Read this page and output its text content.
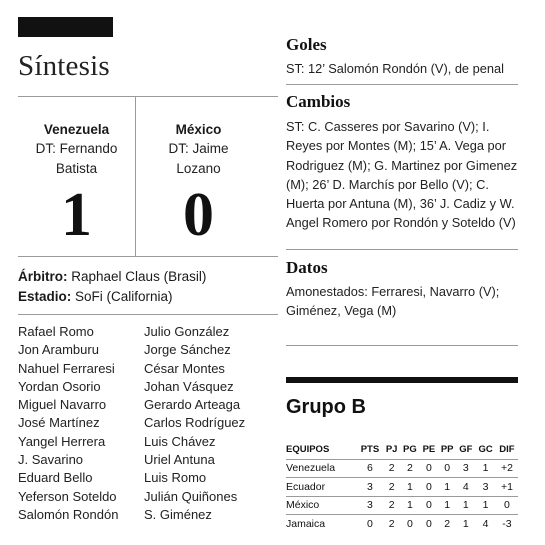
Síntesis
Venezuela
DT: Fernando
Batista
1
México
DT: Jaime
Lozano
0
Árbitro: Raphael Claus (Brasil)
Estadio: SoFi (California)
Rafael Romo
Jon Aramburu
Nahuel Ferraresi
Yordan Osorio
Miguel Navarro
José Martínez
Yangel Herrera
J. Savarino
Eduard Bello
Yeferson Soteldo
Salomón Rondón
Julio González
Jorge Sánchez
César Montes
Johan Vásquez
Gerardo Arteaga
Carlos Rodríguez
Luis Chávez
Uriel Antuna
Luis Romo
Julián Quiñones
S. Giménez
Goles
ST: 12’ Salomón Rondón (V), de penal
Cambios
ST: C. Casseres por Savarino (V); I. Reyes por Montes (M); 15’ A. Vega por Rodriguez (M); G. Martinez por Gimenez (M); 26’ D. Marchís por Bello (V); C. Huerta por Antuna (M), 36’ J. Cadiz y W. Angel Romero por Rondón y Soteldo (V)
Datos
Amonestados: Ferraresi, Navarro (V); Giménez, Vega (M)
Grupo B
EQUIPOS	PTS	PJ	PG	PE	PP	GF	GC	DIF
Venezuela	6	2	2	0	0	3	1	+2
Ecuador	3	2	1	0	1	4	3	+1
México	3	2	1	0	1	1	1	0
Jamaica	0	2	0	0	2	1	4	-3
